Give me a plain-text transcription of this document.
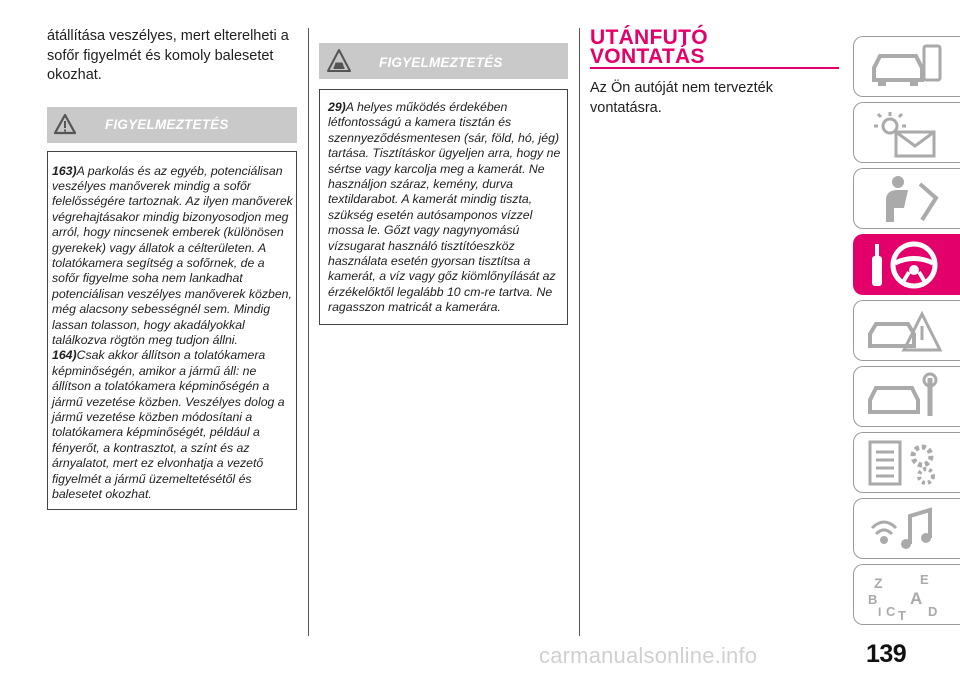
átállítása veszélyes, mert elterelheti a sofőr figyelmét és komoly balesetet okozhat.

FIGYELMEZTETÉS

163)A parkolás és az egyéb, potenciálisan veszélyes manőverek mindig a sofőr felelősségére tartoznak. Az ilyen manőverek végrehajtásakor mindig bizonyosodjon meg arról, hogy nincsenek emberek (különösen gyerekek) vagy állatok a célterületen. A tolatókamera segítség a sofőrnek, de a sofőr figyelme soha nem lankadhat potenciálisan veszélyes manőverek közben, még alacsony sebességnél sem. Mindig lassan tolasson, hogy akadályokkal találkozva rögtön meg tudjon állni.

164)Csak akkor állítson a tolatókamera képminőségén, amikor a jármű áll: ne állítson a tolatókamera képminőségén a jármű vezetése közben. Veszélyes dolog a jármű vezetése közben módosítani a tolatókamera képminőségét, például a fényerőt, a kontrasztot, a színt és az árnyalatot, mert ez elvonhatja a vezető figyelmét a jármű üzemeltetésétől és balesetet okozhat.

FIGYELMEZTETÉS

29)A helyes működés érdekében létfontosságú a kamera tisztán és szennyeződésmentesen (sár, föld, hó, jég) tartása. Tisztításkor ügyeljen arra, hogy ne sértse vagy karcolja meg a kamerát. Ne használjon száraz, kemény, durva textildarabot. A kamerát mindig tiszta, szükség esetén autósamponos vízzel mossa le. Gőzt vagy nagynyomású vízsugarat használó tisztítóeszköz használata esetén gyorsan tisztítsa a kamerát, a víz vagy gőz kiömlőnyílását az érzékelőktől legalább 10 cm-re tartva. Ne ragasszon matricát a kamerára.

UTÁNFUTÓ
VONTATÁS

Az Ön autóját nem tervezték vontatásra.

Z	E
B A
C	D
T
I
139
carmanualsonline.info
